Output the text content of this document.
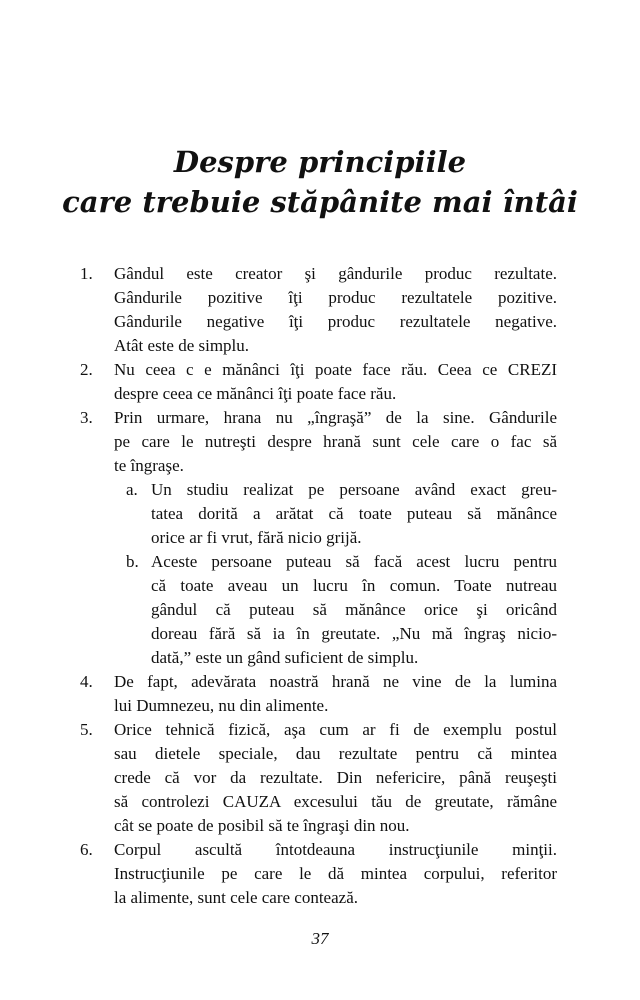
Despre principiile
care trebuie stăpânite mai întâi
1. Gândul este creator şi gândurile produc rezultate.
Gândurile pozitive îţi produc rezultatele pozitive.
Gândurile negative îţi produc rezultatele negative.
Atât este de simplu.
2. Nu ceea c e mănânci îţi poate face rău. Ceea ce CREZI
despre ceea ce mănânci îţi poate face rău.
3. Prin urmare, hrana nu „îngraşă” de la sine. Gândurile
pe care le nutreşti despre hrană sunt cele care o fac să
te îngraşe.
a. Un studiu realizat pe persoane având exact greu-
tatea dorită a arătat că toate puteau să mănânce
orice ar fi vrut, fără nicio grijă.
b. Aceste persoane puteau să facă acest lucru pentru
că toate aveau un lucru în comun. Toate nutreau
gândul că puteau să mănânce orice şi oricând
doreau fără să ia în greutate. „Nu mă îngraş nicio-
dată,” este un gând suficient de simplu.
4. De fapt, adevărata noastră hrană ne vine de la lumina
lui Dumnezeu, nu din alimente.
5. Orice tehnică fizică, aşa cum ar fi de exemplu postul
sau dietele speciale, dau rezultate pentru că mintea
crede că vor da rezultate. Din nefericire, până reuşeşti
să controlezi CAUZA excesului tău de greutate, rămâne
cât se poate de posibil să te îngraşi din nou.
6. Corpul ascultă întotdeauna instrucţiunile minţii.
Instrucţiunile pe care le dă mintea corpului, referitor
la alimente, sunt cele care contează.
37
